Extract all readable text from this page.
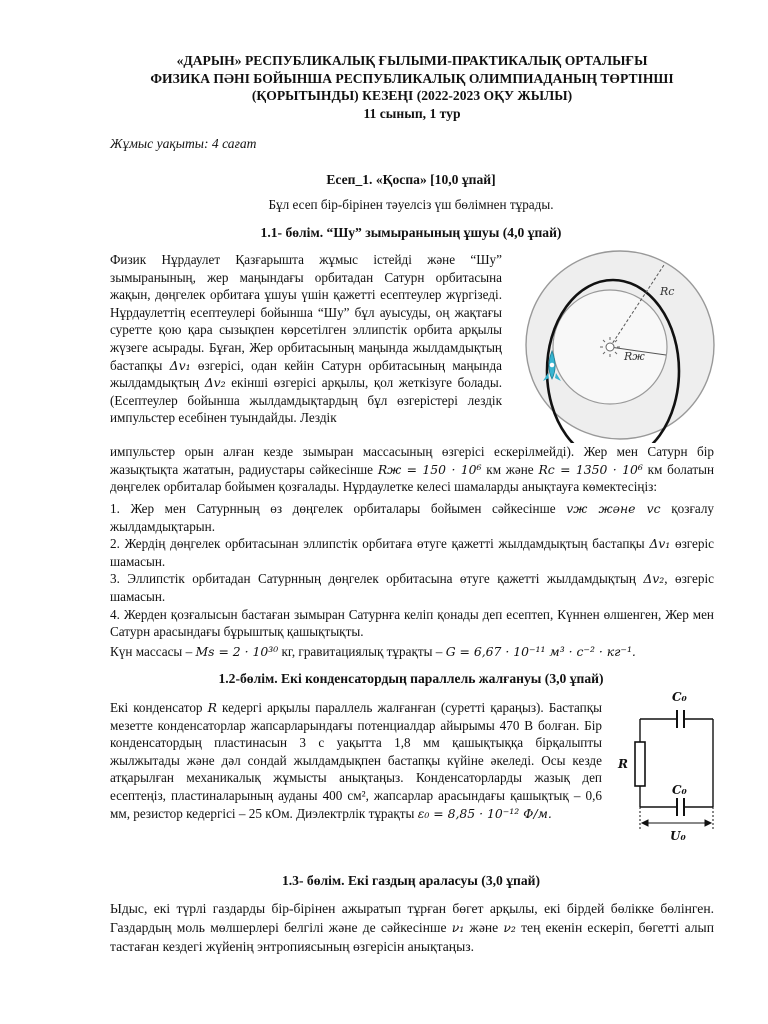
«ДАРЫН» РЕСПУБЛИКАЛЫҚ ҒЫЛЫМИ-ПРАКТИКАЛЫҚ ОРТАЛЫҒЫ
ФИЗИКА ПӘНІ БОЙЫНША РЕСПУБЛИКАЛЫҚ ОЛИМПИАДАНЫҢ ТӨРТІНШІ
(ҚОРЫТЫНДЫ) КЕЗЕҢІ (2022-2023 ОҚУ ЖЫЛЫ)
11 сынып, 1 тур
Жұмыс уақыты: 4 сағат
Есеп_1. «Қоспа» [10,0 ұпай]
Бұл есеп бір-бірінен тәуелсіз үш бөлімнен тұрады.
1.1- бөлім. “Шу” зымыранының ұшуы (4,0 ұпай)
Физик Нұрдаулет Қазғарышта жұмыс істейді және “Шу” зымыранының, жер маңындағы орбитадан Сатурн орбитасына жақын, дөңгелек орбитаға ұшуы үшін қажетті есептеулер жүргізеді. Нұрдаулеттің есептеулері бойынша “Шу” бұл ауысуды, оң жақтағы суретте қою қара сызықпен көрсетілген эллипстік орбита арқылы жүзеге асырады. Бұған, Жер орбитасының маңында жылдамдықтың бастапқы Δv₁ өзгерісі, одан кейін Сатурн орбитасының маңында жылдамдықтың Δv₂ екінші өзгерісі арқылы, қол жеткізуге болады. (Есептеулер бойынша жылдамдықтардың бұл өзгерістері лездік импульстер есебінен туындайды. Лездік
Rс
Rж
импульстер орын алған кезде зымыран массасының өзгерісі ескерілмейді). Жер мен Сатурн бір жазықтықта жататын, радиустары сәйкесінше Rж = 150 · 10⁶ км және Rс = 1350 · 10⁶ км болатын дөңгелек орбиталар бойымен қозғалады. Нұрдаулетке келесі шамаларды анықтауға көмектесіңіз:

1. Жер мен Сатурнның өз дөңгелек орбиталары бойымен сәйкесінше vж және vс қозғалу жылдамдықтарын.

2. Жердің дөңгелек орбитасынан эллипстік орбитаға өтуге қажетті жылдамдықтың бастапқы Δv₁ өзгеріс шамасын.

3. Эллипстік орбитадан Сатурнның дөңгелек орбитасына өтуге қажетті жылдамдықтың Δv₂, өзгеріс шамасын.

4. Жерден қозғалысын бастаған зымыран Сатурнға келіп қонады деп есептеп, Күннен өлшенген, Жер мен Сатурн арасындағы бұрыштық қашықтықты.

Күн массасы – Ms = 2 · 10³⁰ кг, гравитациялық тұрақты – G = 6,67 · 10⁻¹¹ м³ · с⁻² · кг⁻¹.
1.2-бөлім. Екі конденсатордың параллель жалғануы (3,0 ұпай)
Екі конденсатор R кедергі арқылы параллель жалғанған (суретті қараңыз). Бастапқы мезетте конденсаторлар жапсарларындағы потенциалдар айырымы 470 В болған. Бір конденсатордың пластинасын 3 с уақытта 1,8 мм қашықтыққа бірқалыпты жылжытады және дәл сондай жылдамдықпен бастапқы күйіне әкеледі. Осы кезде атқарылған механикалық жұмысты анықтаңыз. Конденсаторларды жазық деп есептеңіз, пластиналарының ауданы 400 см², жапсарлар арасындағы қашықтық – 0,6 мм, резистор кедергісі – 25 кОм. Диэлектрлік тұрақты ε₀ = 8,85 · 10⁻¹² Ф/м.
C₀
C₀
R
U₀
1.3- бөлім. Екі газдың араласуы (3,0 ұпай)
Ыдыс, екі түрлі газдарды бір-бірінен ажыратып тұрған бөгет арқылы, екі бірдей бөлікке бөлінген. Газдардың моль мөлшерлері белгілі және де сәйкесінше ν₁ және ν₂ тең екенін ескеріп, бөгетті алып тастаған кездегі жүйенің энтропиясының өзгерісін анықтаңыз.
